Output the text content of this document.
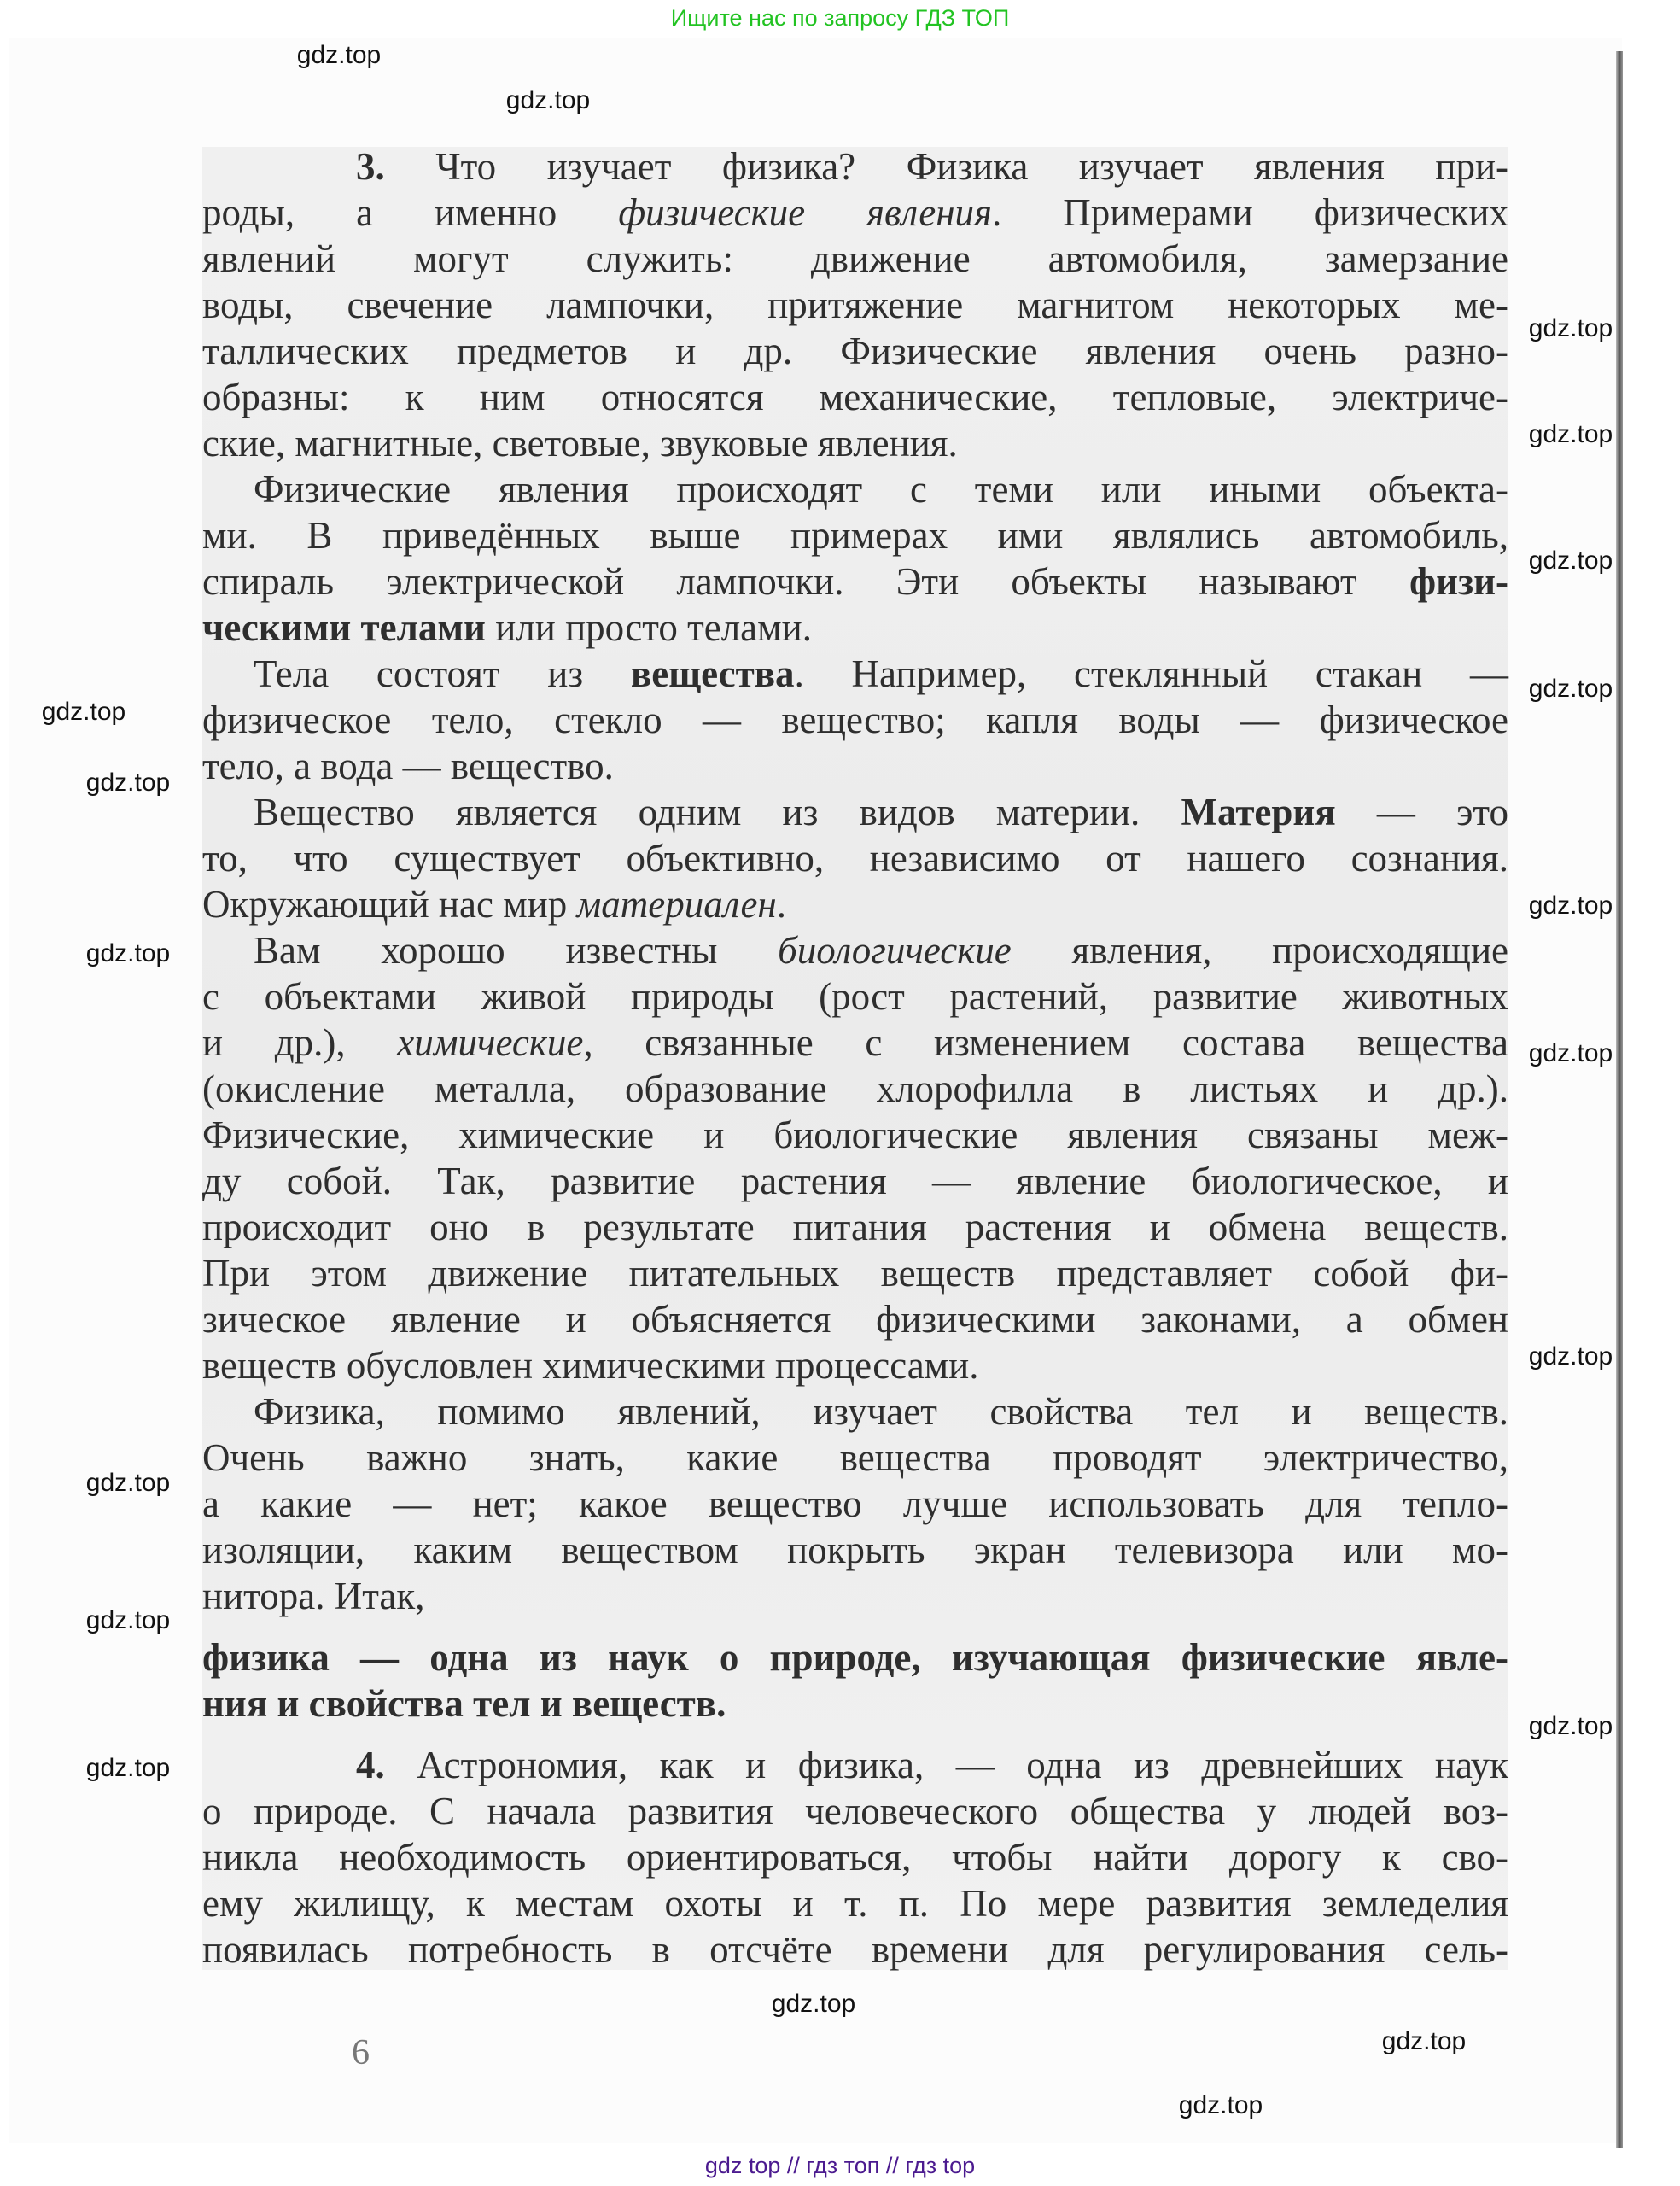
Ищите нас по запросу ГДЗ ТОП
3. Что изучает физика? Физика изучает явления при-
роды, а именно физические явления. Примерами физических
явлений могут служить: движение автомобиля, замерзание
воды, свечение лампочки, притяжение магнитом некоторых ме-
таллических предметов и др. Физические явления очень разно-
образны: к ним относятся механические, тепловые, электриче-
ские, магнитные, световые, звуковые явления.
Физические явления происходят с теми или иными объекта-
ми. В приведённых выше примерах ими являлись автомобиль,
спираль электрической лампочки. Эти объекты называют физи-
ческими телами или просто телами.
Тела состоят из вещества. Например, стеклянный стакан —
физическое тело, стекло — вещество; капля воды — физическое
тело, а вода — вещество.
Вещество является одним из видов материи. Материя — это
то, что существует объективно, независимо от нашего сознания.
Окружающий нас мир материален.
Вам хорошо известны биологические явления, происходящие
с объектами живой природы (рост растений, развитие животных
и др.), химические, связанные с изменением состава вещества
(окисление металла, образование хлорофилла в листьях и др.).
Физические, химические и биологические явления связаны меж-
ду собой. Так, развитие растения — явление биологическое, и
происходит оно в результате питания растения и обмена веществ.
При этом движение питательных веществ представляет собой фи-
зическое явление и объясняется физическими законами, а обмен
веществ обусловлен химическими процессами.
Физика, помимо явлений, изучает свойства тел и веществ.
Очень важно знать, какие вещества проводят электричество,
а какие — нет; какое вещество лучше использовать для тепло-
изоляции, каким веществом покрыть экран телевизора или мо-
нитора. Итак,
физика — одна из наук о природе, изучающая физические явле-
ния и свойства тел и веществ.
4. Астрономия, как и физика, — одна из древнейших наук
о природе. С начала развития человеческого общества у людей воз-
никла необходимость ориентироваться, чтобы найти дорогу к сво-
ему жилищу, к местам охоты и т. п. По мере развития земледелия
появилась потребность в отсчёте времени для регулирования сель-
6
gdz.top
gdz.top
gdz.top
gdz.top
gdz.top
gdz.top
gdz.top
gdz.top
gdz.top
gdz.top
gdz.top
gdz.top
gdz.top
gdz.top
gdz.top
gdz.top
gdz.top
gdz.top
gdz.top
gdz top // гдз топ // гдз top
